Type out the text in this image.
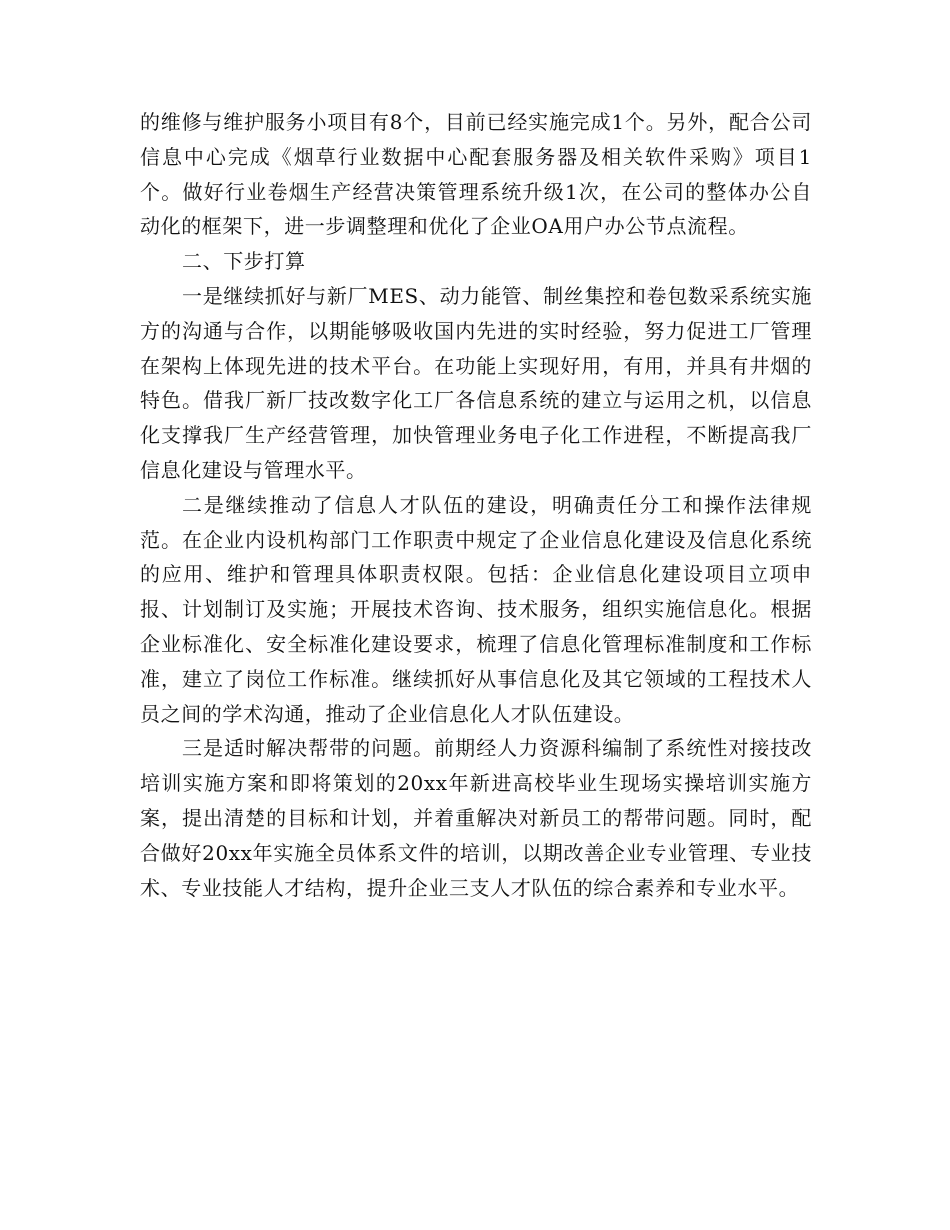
的维修与维护服务小项目有8个，目前已经实施完成1个。另外，配合公司信息中心完成《烟草行业数据中心配套服务器及相关软件采购》项目1个。做好行业卷烟生产经营决策管理系统升级1次，在公司的整体办公自动化的框架下，进一步调整理和优化了企业OA用户办公节点流程。

二、下步打算

一是继续抓好与新厂MES、动力能管、制丝集控和卷包数采系统实施方的沟通与合作，以期能够吸收国内先进的实时经验，努力促进工厂管理在架构上体现先进的技术平台。在功能上实现好用，有用，并具有井烟的特色。借我厂新厂技改数字化工厂各信息系统的建立与运用之机，以信息化支撑我厂生产经营管理，加快管理业务电子化工作进程，不断提高我厂信息化建设与管理水平。

二是继续推动了信息人才队伍的建设，明确责任分工和操作法律规范。在企业内设机构部门工作职责中规定了企业信息化建设及信息化系统的应用、维护和管理具体职责权限。包括：企业信息化建设项目立项申报、计划制订及实施；开展技术咨询、技术服务，组织实施信息化。根据企业标准化、安全标准化建设要求，梳理了信息化管理标准制度和工作标准，建立了岗位工作标准。继续抓好从事信息化及其它领域的工程技术人员之间的学术沟通，推动了企业信息化人才队伍建设。

三是适时解决帮带的问题。前期经人力资源科编制了系统性对接技改培训实施方案和即将策划的20xx年新进高校毕业生现场实操培训实施方案，提出清楚的目标和计划，并着重解决对新员工的帮带问题。同时，配合做好20xx年实施全员体系文件的培训，以期改善企业专业管理、专业技术、专业技能人才结构，提升企业三支人才队伍的综合素养和专业水平。
